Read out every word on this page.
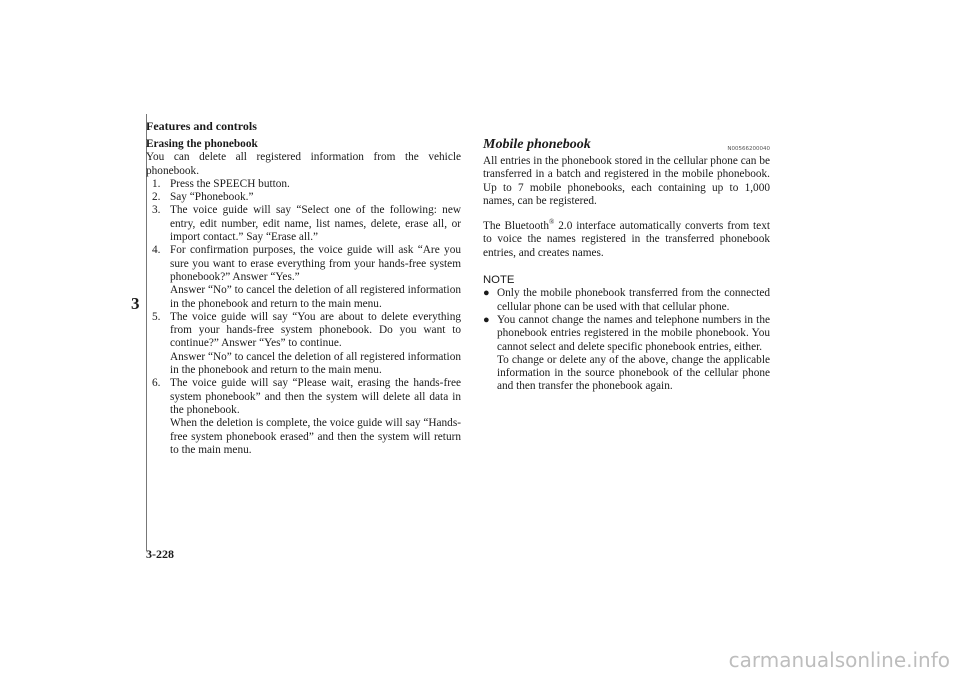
Features and controls
3
Erasing the phonebook
You can delete all registered information from the vehicle phonebook.
1. Press the SPEECH button.
2. Say “Phonebook.”
3. The voice guide will say “Select one of the following: new entry, edit number, edit name, list names, delete, erase all, or import contact.” Say “Erase all.”
4. For confirmation purposes, the voice guide will ask “Are you sure you want to erase everything from your hands-free system phonebook?” Answer “Yes.”
Answer “No” to cancel the deletion of all registered information in the phonebook and return to the main menu.
5. The voice guide will say “You are about to delete everything from your hands-free system phonebook. Do you want to continue?” Answer “Yes” to continue.
Answer “No” to cancel the deletion of all registered information in the phonebook and return to the main menu.
6. The voice guide will say “Please wait, erasing the hands-free system phonebook” and then the system will delete all data in the phonebook.
When the deletion is complete, the voice guide will say “Hands-free system phonebook erased” and then the system will return to the main menu.
Mobile phonebook	N00566200040
All entries in the phonebook stored in the cellular phone can be transferred in a batch and registered in the mobile phonebook. Up to 7 mobile phonebooks, each containing up to 1,000 names, can be registered.
The Bluetooth® 2.0 interface automatically converts from text to voice the names registered in the transferred phonebook entries, and creates names.
NOTE
● Only the mobile phonebook transferred from the connected cellular phone can be used with that cellular phone.
● You cannot change the names and telephone numbers in the phonebook entries registered in the mobile phonebook. You cannot select and delete specific phonebook entries, either.
To change or delete any of the above, change the applicable information in the source phonebook of the cellular phone and then transfer the phonebook again.
3-228
carmanualsonline.info
